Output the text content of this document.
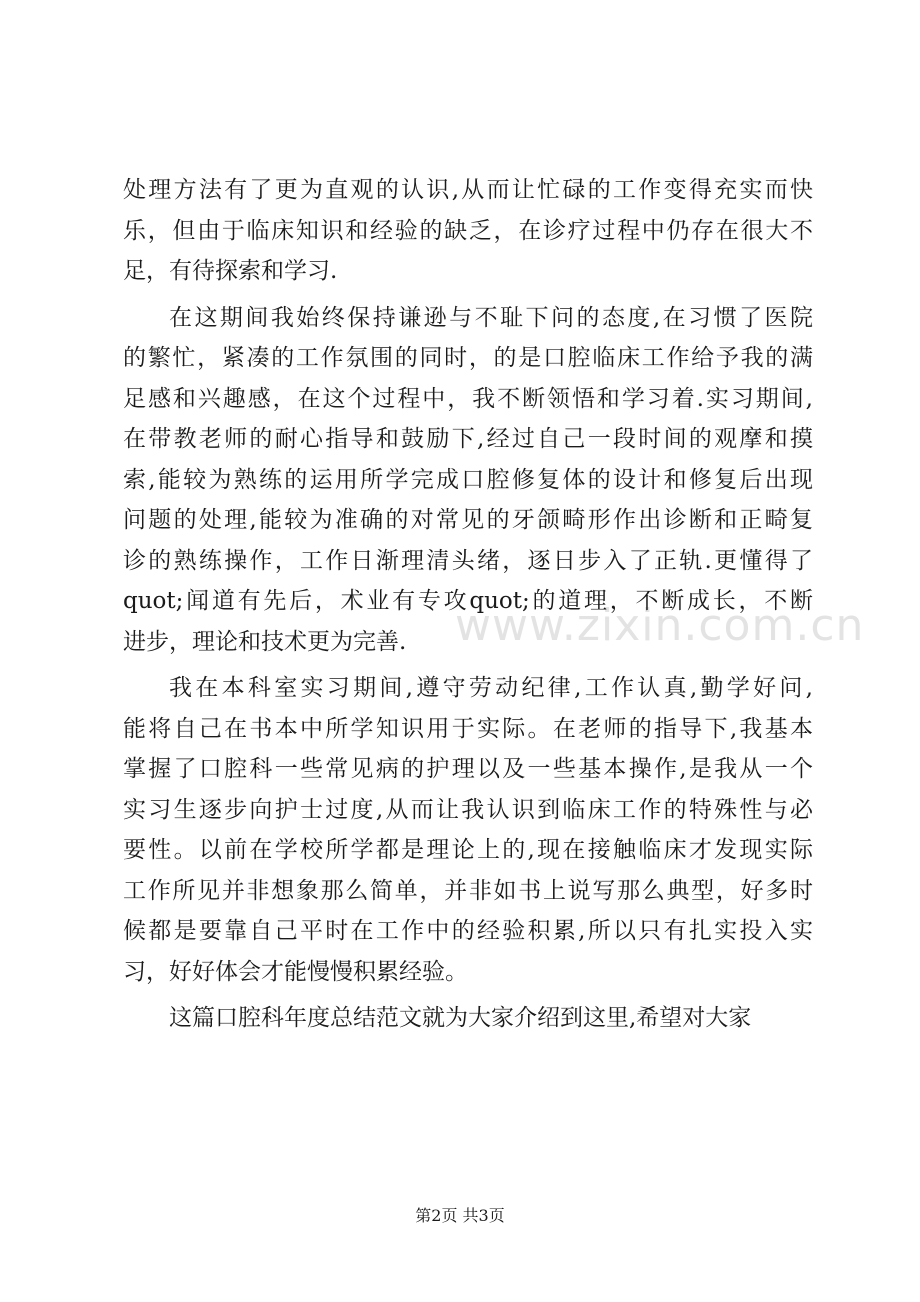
www.zixin.com.cn
处理方法有了更为直观的认识,从而让忙碌的工作变得充实而快
乐，但由于临床知识和经验的缺乏，在诊疗过程中仍存在很大不
足，有待探索和学习.
在这期间我始终保持谦逊与不耻下问的态度,在习惯了医院
的繁忙，紧凑的工作氛围的同时，的是口腔临床工作给予我的满
足感和兴趣感，在这个过程中，我不断领悟和学习着.实习期间,
在带教老师的耐心指导和鼓励下,经过自己一段时间的观摩和摸
索,能较为熟练的运用所学完成口腔修复体的设计和修复后出现
问题的处理,能较为准确的对常见的牙颌畸形作出诊断和正畸复
诊的熟练操作，工作日渐理清头绪，逐日步入了正轨.更懂得了
quot;闻道有先后，术业有专攻quot;的道理，不断成长，不断
进步，理论和技术更为完善.
我在本科室实习期间,遵守劳动纪律,工作认真,勤学好问,
能将自己在书本中所学知识用于实际。在老师的指导下,我基本
掌握了口腔科一些常见病的护理以及一些基本操作,是我从一个
实习生逐步向护士过度,从而让我认识到临床工作的特殊性与必
要性。以前在学校所学都是理论上的,现在接触临床才发现实际
工作所见并非想象那么简单，并非如书上说写那么典型，好多时
候都是要靠自己平时在工作中的经验积累,所以只有扎实投入实
习，好好体会才能慢慢积累经验。
这篇口腔科年度总结范文就为大家介绍到这里,希望对大家
第2页 共3页
